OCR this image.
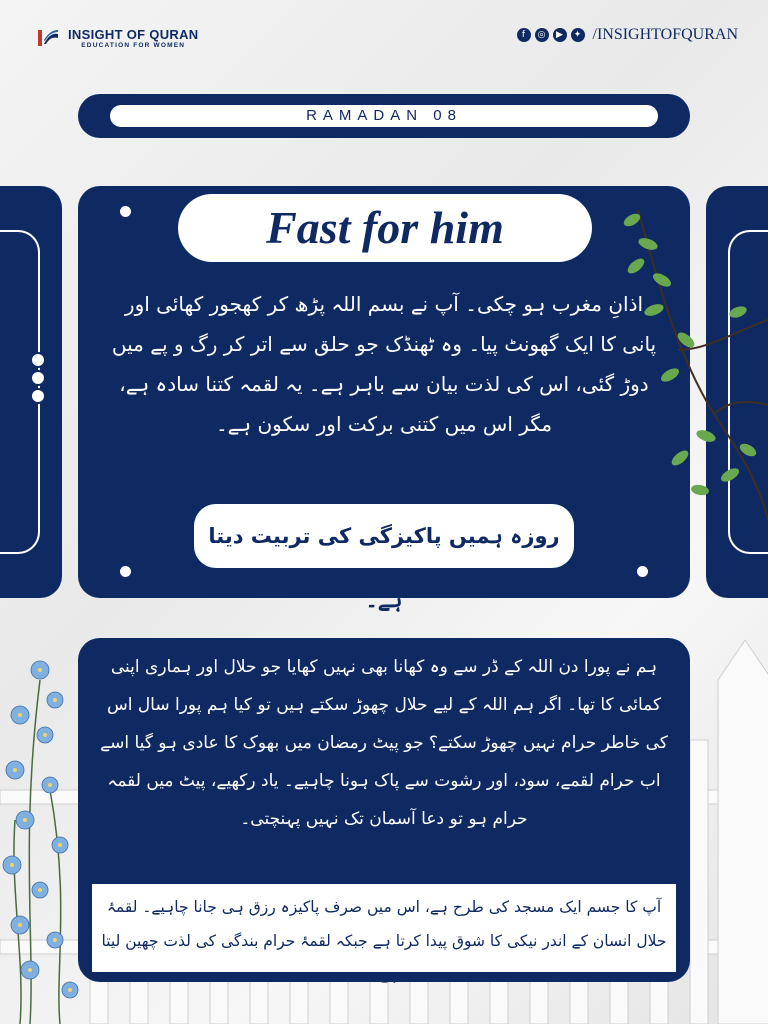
INSIGHT OF QURAN
EDUCATION FOR WOMEN
f	◎	▶	✦ /INSIGHTOFQURAN
RAMADAN 08
Fast for him
اذانِ مغرب ہو چکی۔ آپ نے بسم اللہ پڑھ کر کھجور کھائی اور پانی کا ایک گھونٹ پیا۔ وہ ٹھنڈک جو حلق سے اتر کر رگ و پے میں دوڑ گئی، اس کی لذت بیان سے باہر ہے۔ یہ لقمہ کتنا سادہ ہے، مگر اس میں کتنی برکت اور سکون ہے۔
روزہ ہمیں پاکیزگی کی تربیت دیتا ہے۔
ہم نے پورا دن اللہ کے ڈر سے وہ کھانا بھی نہیں کھایا جو حلال اور ہماری اپنی کمائی کا تھا۔ اگر ہم اللہ کے لیے حلال چھوڑ سکتے ہیں تو کیا ہم پورا سال اس کی خاطر حرام نہیں چھوڑ سکتے؟ جو پیٹ رمضان میں بھوک کا عادی ہو گیا اسے اب حرام لقمے، سود، اور رشوت سے پاک ہونا چاہیے۔ یاد رکھیے، پیٹ میں لقمہ حرام ہو تو دعا آسمان تک نہیں پہنچتی۔
آپ کا جسم ایک مسجد کی طرح ہے، اس میں صرف پاکیزہ رزق ہی جانا چاہیے۔ لقمۂ حلال انسان کے اندر نیکی کا شوق پیدا کرتا ہے جبکہ لقمۂ حرام بندگی کی لذت چھین لیتا ہے۔
